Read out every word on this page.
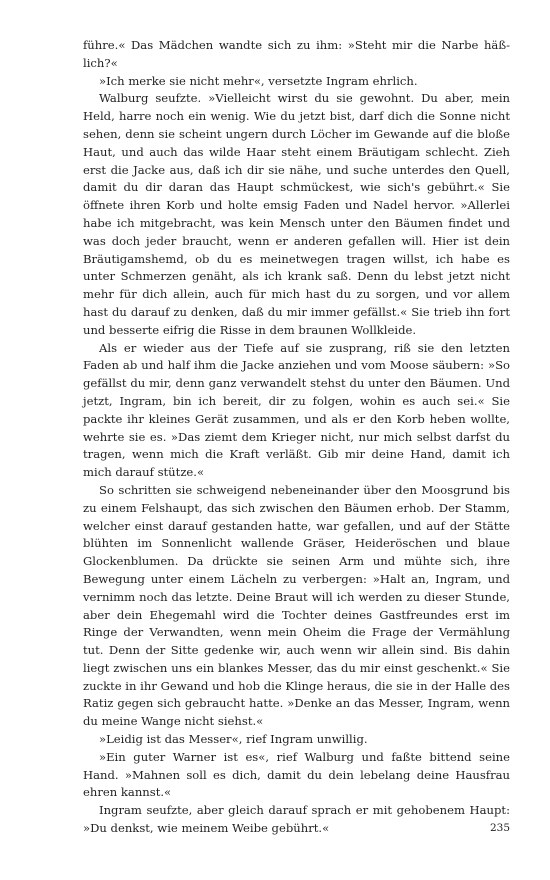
führe.« Das Mädchen wandte sich zu ihm: »Steht mir die Narbe häßlich?«

»Ich merke sie nicht mehr«, versetzte Ingram ehrlich.

Walburg seufzte. »Vielleicht wirst du sie gewohnt. Du aber, mein Held, harre noch ein wenig. Wie du jetzt bist, darf dich die Sonne nicht sehen, denn sie scheint ungern durch Löcher im Gewande auf die bloße Haut, und auch das wilde Haar steht einem Bräutigam schlecht. Zieh erst die Jacke aus, daß ich dir sie nähe, und suche unterdes den Quell, damit du dir daran das Haupt schmückest, wie sich's gebührt.« Sie öffnete ihren Korb und holte emsig Faden und Nadel hervor. »Allerlei habe ich mitgebracht, was kein Mensch unter den Bäumen findet und was doch jeder braucht, wenn er anderen gefallen will. Hier ist dein Bräutigamshemd, ob du es meinetwegen tragen willst, ich habe es unter Schmerzen genäht, als ich krank saß. Denn du lebst jetzt nicht mehr für dich allein, auch für mich hast du zu sorgen, und vor allem hast du darauf zu denken, daß du mir immer gefällst.« Sie trieb ihn fort und besserte eifrig die Risse in dem braunen Wollkleide.

Als er wieder aus der Tiefe auf sie zusprang, riß sie den letzten Faden ab und half ihm die Jacke anziehen und vom Moose säubern: »So gefällst du mir, denn ganz verwandelt stehst du unter den Bäumen. Und jetzt, Ingram, bin ich bereit, dir zu folgen, wohin es auch sei.« Sie packte ihr kleines Gerät zusammen, und als er den Korb heben wollte, wehrte sie es. »Das ziemt dem Krieger nicht, nur mich selbst darfst du tragen, wenn mich die Kraft verläßt. Gib mir deine Hand, damit ich mich darauf stütze.«

So schritten sie schweigend nebeneinander über den Moosgrund bis zu einem Felshaupt, das sich zwischen den Bäumen erhob. Der Stamm, welcher einst darauf gestanden hatte, war gefallen, und auf der Stätte blühten im Sonnenlicht wallende Gräser, Heideröschen und blaue Glockenblumen. Da drückte sie seinen Arm und mühte sich, ihre Bewegung unter einem Lächeln zu verbergen: »Halt an, Ingram, und vernimm noch das letzte. Deine Braut will ich werden zu dieser Stunde, aber dein Ehegemahl wird die Tochter deines Gastfreundes erst im Ringe der Verwandten, wenn mein Oheim die Frage der Vermählung tut. Denn der Sitte gedenke wir, auch wenn wir allein sind. Bis dahin liegt zwischen uns ein blankes Messer, das du mir einst geschenkt.« Sie zuckte in ihr Gewand und hob die Klinge heraus, die sie in der Halle des Ratiz gegen sich gebraucht hatte. »Denke an das Messer, Ingram, wenn du meine Wange nicht siehst.«

»Leidig ist das Messer«, rief Ingram unwillig.

»Ein guter Warner ist es«, rief Walburg und faßte bittend seine Hand. »Mahnen soll es dich, damit du dein lebelang deine Hausfrau ehren kannst.«

Ingram seufzte, aber gleich darauf sprach er mit gehobenem Haupt: »Du denkst, wie meinem Weibe gebührt.«	235
